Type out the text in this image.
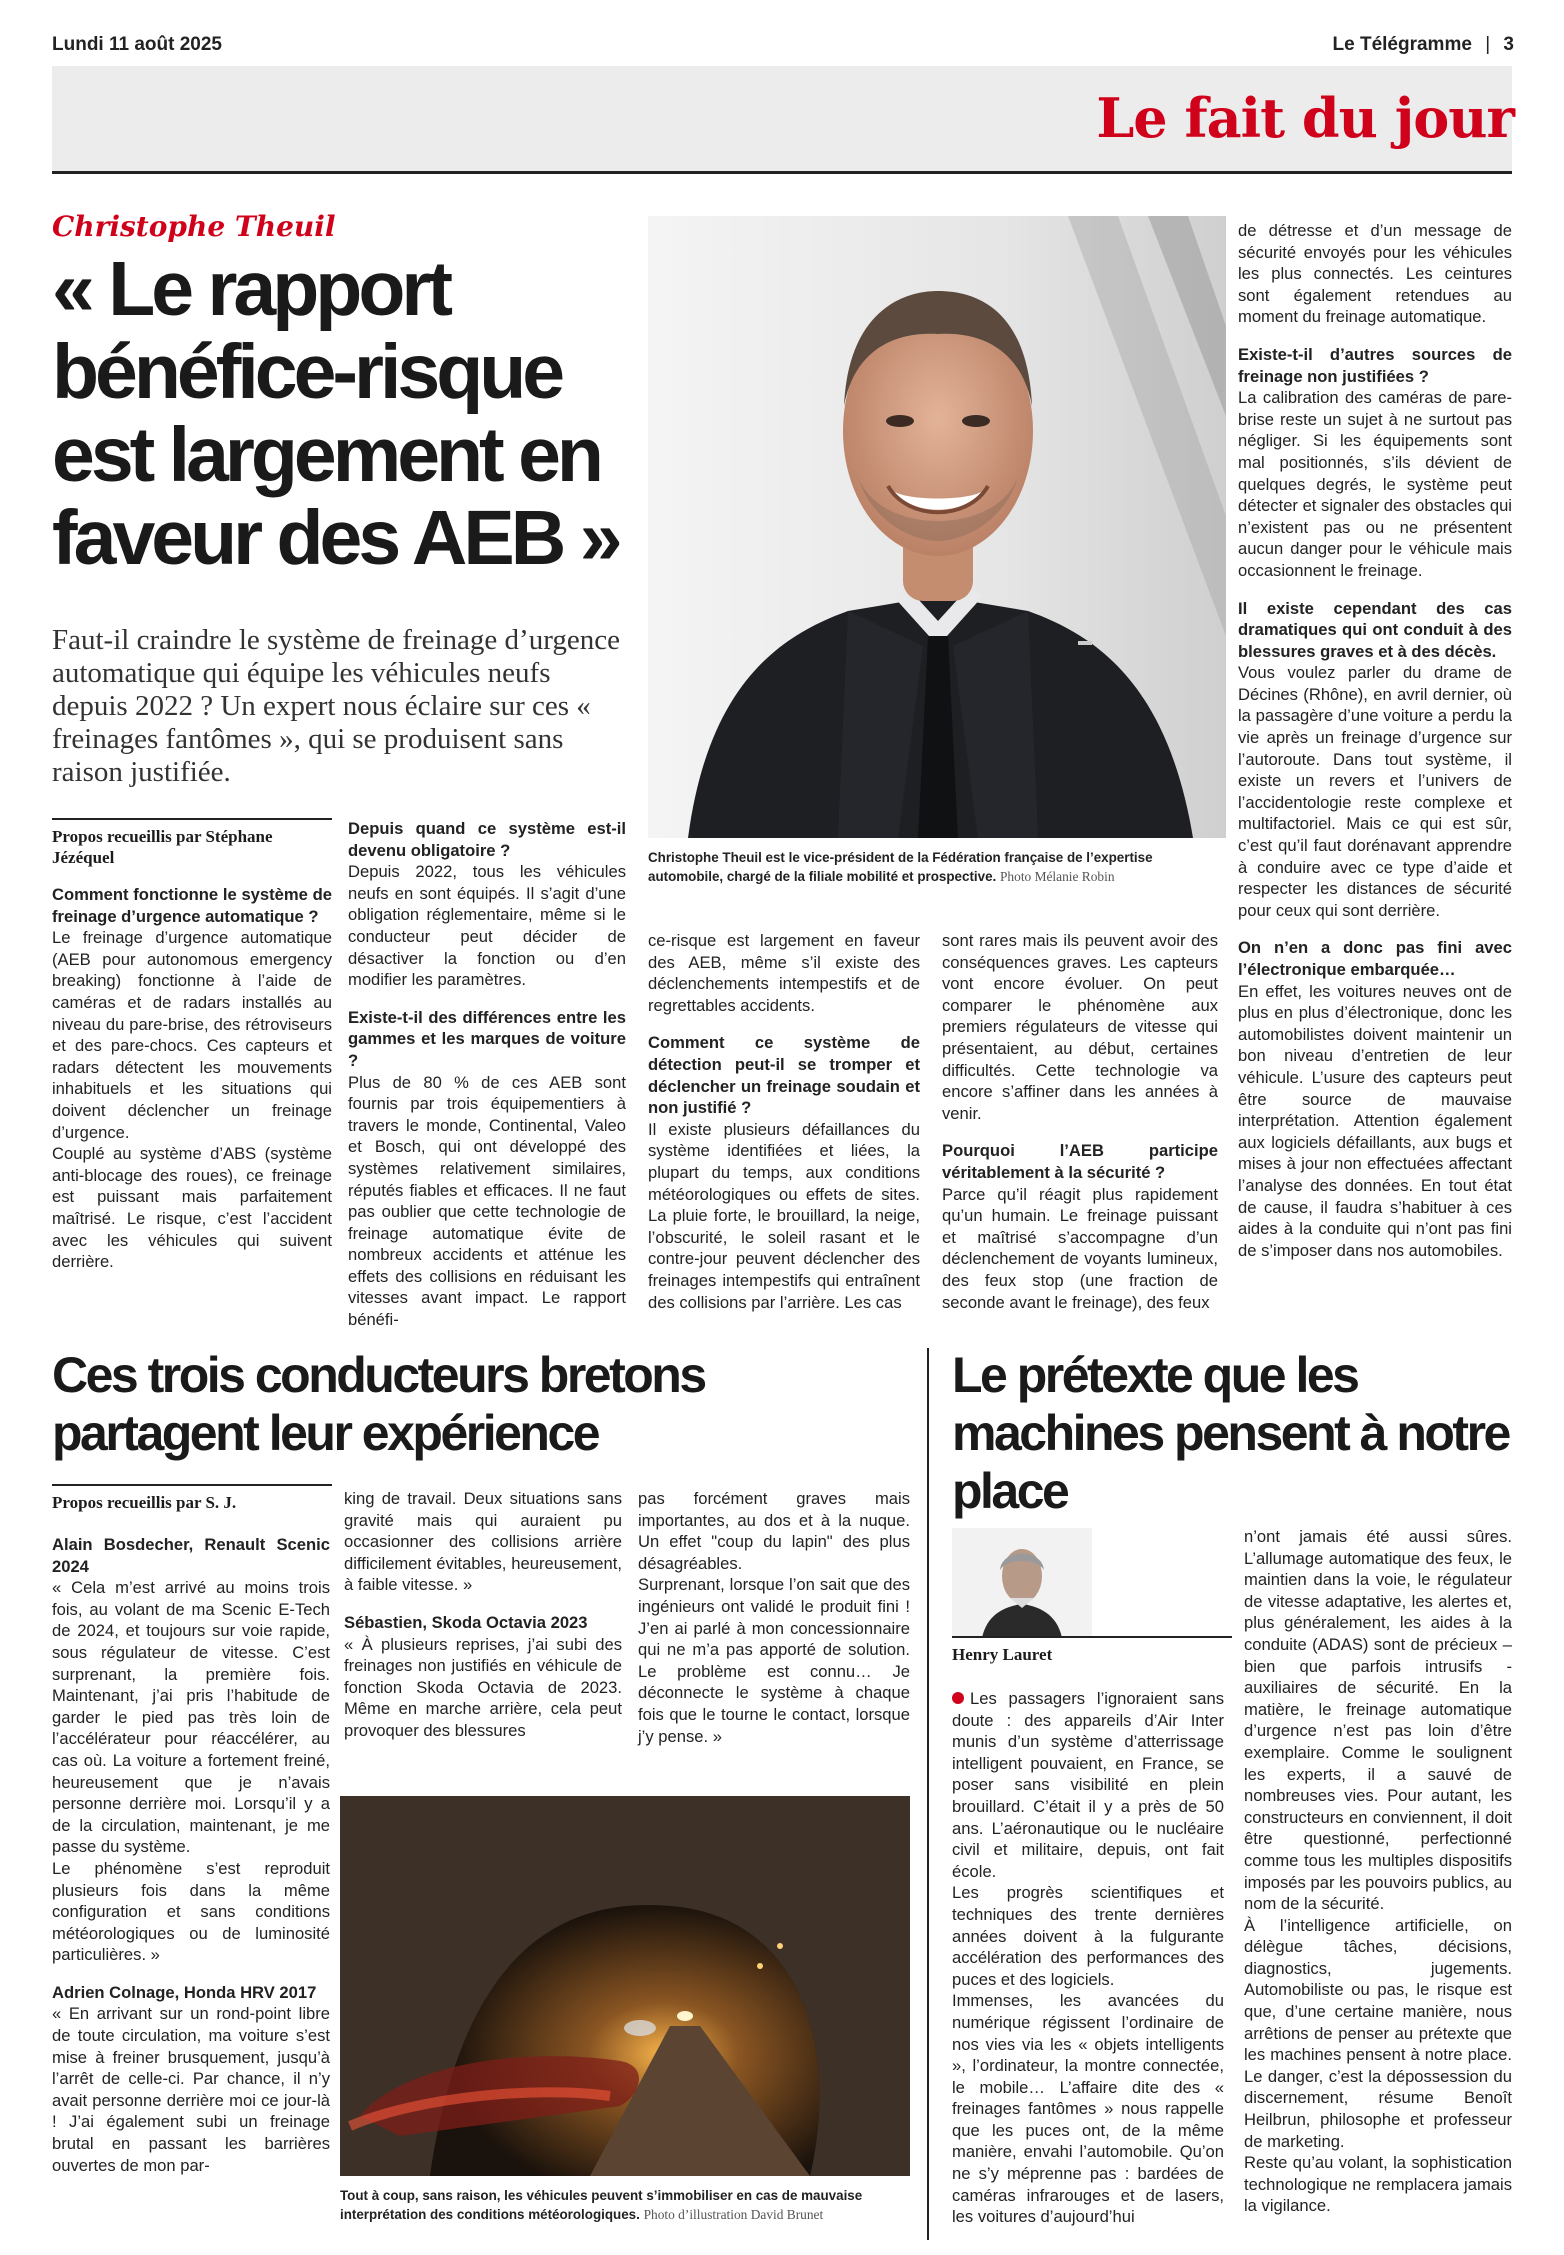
Lundi 11 août 2025	Le Télégramme | 3
Le fait du jour
Christophe Theuil
« Le rapport bénéfice-risque est largement en faveur des AEB »
Faut-il craindre le système de freinage d’urgence automatique qui équipe les véhicules neufs depuis 2022 ? Un expert nous éclaire sur ces « freinages fantômes », qui se produisent sans raison justifiée.
Propos recueillis par Stéphane Jézéquel

Comment fonctionne le système de freinage d’urgence automatique ?

Le freinage d’urgence automatique (AEB pour autonomous emergency breaking) fonctionne à l’aide de caméras et de radars installés au niveau du pare-brise, des rétroviseurs et des pare-chocs. Ces capteurs et radars détectent les mouvements inhabituels et les situations qui doivent déclencher un freinage d’urgence.

Couplé au système d’ABS (système anti-blocage des roues), ce freinage est puissant mais parfaitement maîtrisé. Le risque, c’est l’accident avec les véhicules qui suivent derrière.

Depuis quand ce système est-il devenu obligatoire ?

Depuis 2022, tous les véhicules neufs en sont équipés. Il s’agit d’une obligation réglementaire, même si le conducteur peut décider de désactiver la fonction ou d’en modifier les paramètres.

Existe-t-il des différences entre les gammes et les marques de voiture ?

Plus de 80 % de ces AEB sont fournis par trois équipementiers à travers le monde, Continental, Valeo et Bosch, qui ont développé des systèmes relativement similaires, réputés fiables et efficaces. Il ne faut pas oublier que cette technologie de freinage automatique évite de nombreux accidents et atténue les effets des collisions en réduisant les vitesses avant impact. Le rapport bénéfi-

ce-risque est largement en faveur des AEB, même s’il existe des déclenchements intempestifs et de regrettables accidents.

Comment ce système de détection peut-il se tromper et déclencher un freinage soudain et non justifié ?

Il existe plusieurs défaillances du système identifiées et liées, la plupart du temps, aux conditions météorologiques ou effets de sites. La pluie forte, le brouillard, la neige, l’obscurité, le soleil rasant et le contre-jour peuvent déclencher des freinages intempestifs qui entraînent des collisions par l’arrière. Les cas

sont rares mais ils peuvent avoir des conséquences graves. Les capteurs vont encore évoluer. On peut comparer le phénomène aux premiers régulateurs de vitesse qui présentaient, au début, certaines difficultés. Cette technologie va encore s’affiner dans les années à venir.

Pourquoi l’AEB participe véritablement à la sécurité ?

Parce qu’il réagit plus rapidement qu’un humain. Le freinage puissant et maîtrisé s’accompagne d’un déclenchement de voyants lumineux, des feux stop (une fraction de seconde avant le freinage), des feux

de détresse et d’un message de sécurité envoyés pour les véhicules les plus connectés. Les ceintures sont également retendues au moment du freinage automatique.

Existe-t-il d’autres sources de freinage non justifiées ?

La calibration des caméras de pare-brise reste un sujet à ne surtout pas négliger. Si les équipements sont mal positionnés, s’ils dévient de quelques degrés, le système peut détecter et signaler des obstacles qui n’existent pas ou ne présentent aucun danger pour le véhicule mais occasionnent le freinage.

Il existe cependant des cas dramatiques qui ont conduit à des blessures graves et à des décès.

Vous voulez parler du drame de Décines (Rhône), en avril dernier, où la passagère d’une voiture a perdu la vie après un freinage d’urgence sur l’autoroute. Dans tout système, il existe un revers et l’univers de l’accidentologie reste complexe et multifactoriel. Mais ce qui est sûr, c’est qu’il faut dorénavant apprendre à conduire avec ce type d’aide et respecter les distances de sécurité pour ceux qui sont derrière.

On n’en a donc pas fini avec l’électronique embarquée…

En effet, les voitures neuves ont de plus en plus d’électronique, donc les automobilistes doivent maintenir un bon niveau d’entretien de leur véhicule. L’usure des capteurs peut être source de mauvaise interprétation. Attention également aux logiciels défaillants, aux bugs et mises à jour non effectuées affectant l’analyse des données. En tout état de cause, il faudra s’habituer à ces aides à la conduite qui n’ont pas fini de s’imposer dans nos automobiles.

Christophe Theuil est le vice-président de la Fédération française de l’expertise automobile, chargé de la filiale mobilité et prospective. Photo Mélanie Robin
Ces trois conducteurs bretons partagent leur expérience
Propos recueillis par S. J.

Alain Bosdecher, Renault Scenic 2024

« Cela m’est arrivé au moins trois fois, au volant de ma Scenic E-Tech de 2024, et toujours sur voie rapide, sous régulateur de vitesse. C’est surprenant, la première fois. Maintenant, j’ai pris l’habitude de garder le pied pas très loin de l’accélérateur pour réaccélérer, au cas où. La voiture a fortement freiné, heureusement que je n’avais personne derrière moi. Lorsqu’il y a de la circulation, maintenant, je me passe du système.

Le phénomène s’est reproduit plusieurs fois dans la même configuration et sans conditions météorologiques ou de luminosité particulières. »

Adrien Colnage, Honda HRV 2017

« En arrivant sur un rond-point libre de toute circulation, ma voiture s’est mise à freiner brusquement, jusqu’à l’arrêt de celle-ci. Par chance, il n’y avait personne derrière moi ce jour-là ! J’ai également subi un freinage brutal en passant les barrières ouvertes de mon par-

king de travail. Deux situations sans gravité mais qui auraient pu occasionner des collisions arrière difficilement évitables, heureusement, à faible vitesse. »

Sébastien, Skoda Octavia 2023

« À plusieurs reprises, j’ai subi des freinages non justifiés en véhicule de fonction Skoda Octavia de 2023. Même en marche arrière, cela peut provoquer des blessures

pas forcément graves mais importantes, au dos et à la nuque. Un effet "coup du lapin" des plus désagréables.

Surprenant, lorsque l’on sait que des ingénieurs ont validé le produit fini ! J’en ai parlé à mon concessionnaire qui ne m’a pas apporté de solution. Le problème est connu… Je déconnecte le système à chaque fois que le tourne le contact, lorsque j’y pense. »

Tout à coup, sans raison, les véhicules peuvent s’immobiliser en cas de mauvaise interprétation des conditions météorologiques. Photo d’illustration David Brunet
Le prétexte que les machines pensent à notre place
Henry Lauret

Les passagers l’ignoraient sans doute : des appareils d’Air Inter munis d’un système d’atterrissage intelligent pouvaient, en France, se poser sans visibilité en plein brouillard. C’était il y a près de 50 ans. L’aéronautique ou le nucléaire civil et militaire, depuis, ont fait école.

Les progrès scientifiques et techniques des trente dernières années doivent à la fulgurante accélération des performances des puces et des logiciels.

Immenses, les avancées du numérique régissent l’ordinaire de nos vies via les « objets intelligents », l’ordinateur, la montre connectée, le mobile… L’affaire dite des « freinages fantômes » nous rappelle que les puces ont, de la même manière, envahi l’automobile. Qu’on ne s’y méprenne pas : bardées de caméras infrarouges et de lasers, les voitures d’aujourd’hui

n’ont jamais été aussi sûres. L’allumage automatique des feux, le maintien dans la voie, le régulateur de vitesse adaptative, les alertes et, plus généralement, les aides à la conduite (ADAS) sont de précieux – bien que parfois intrusifs - auxiliaires de sécurité. En la matière, le freinage automatique d’urgence n’est pas loin d’être exemplaire. Comme le soulignent les experts, il a sauvé de nombreuses vies. Pour autant, les constructeurs en conviennent, il doit être questionné, perfectionné comme tous les multiples dispositifs imposés par les pouvoirs publics, au nom de la sécurité.

À l’intelligence artificielle, on délègue tâches, décisions, diagnostics, jugements. Automobiliste ou pas, le risque est que, d’une certaine manière, nous arrêtions de penser au prétexte que les machines pensent à notre place. Le danger, c’est la dépossession du discernement, résume Benoît Heilbrun, philosophe et professeur de marketing.

Reste qu’au volant, la sophistication technologique ne remplacera jamais la vigilance.
